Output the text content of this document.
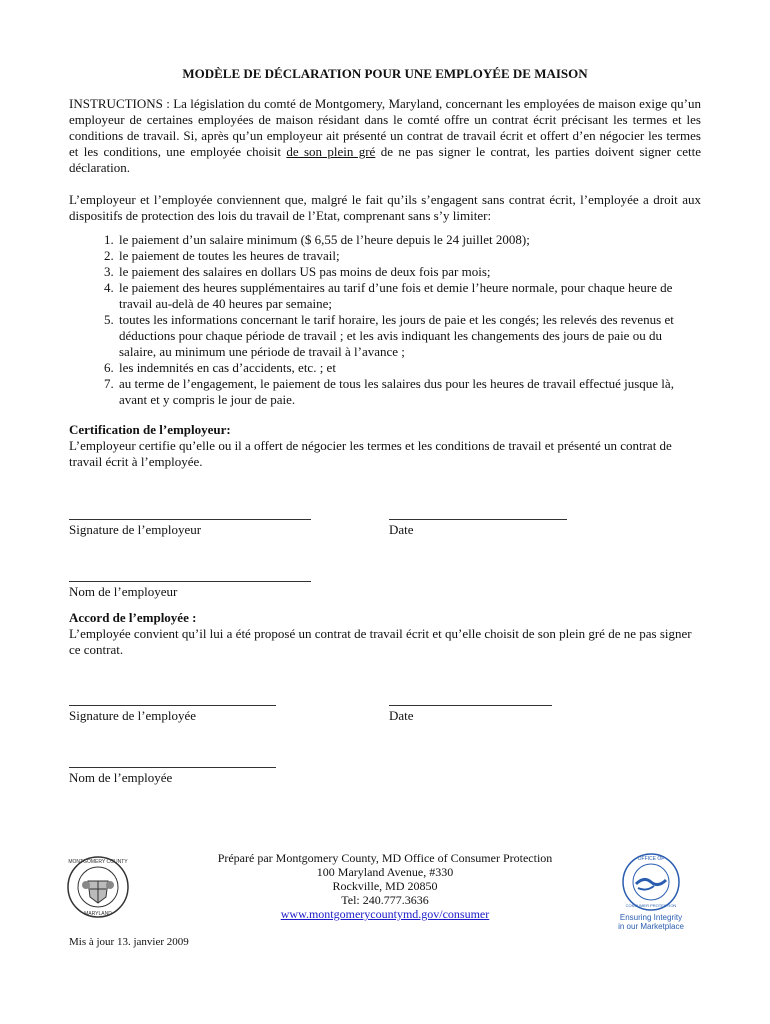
MODÈLE DE DÉCLARATION POUR UNE EMPLOYÉE DE MAISON

INSTRUCTIONS : La législation du comté de Montgomery, Maryland, concernant les employées de maison exige qu’un employeur de certaines employées de maison résidant dans le comté offre un contrat écrit précisant les termes et les conditions de travail. Si, après qu’un employeur ait présenté un contrat de travail écrit et offert d’en négocier les termes et les conditions, une employée choisit de son plein gré de ne pas signer le contrat, les parties doivent signer cette déclaration.

L’employeur et l’employée conviennent que, malgré le fait qu’ils s’engagent sans contrat écrit, l’employée a droit aux dispositifs de protection des lois du travail de l’Etat, comprenant sans s’y limiter:

1. le paiement d’un salaire minimum ($ 6,55 de l’heure depuis le 24 juillet 2008);
2. le paiement de toutes les heures de travail;
3. le paiement des salaires en dollars US pas moins de deux fois par mois;
4. le paiement des heures supplémentaires au tarif d’une fois et demie l’heure normale, pour chaque heure de travail au-delà de 40 heures par semaine;
5. toutes les informations concernant le tarif horaire, les jours de paie et les congés; les relevés des revenus et déductions pour chaque période de travail ; et les avis indiquant les changements des jours de paie ou du salaire, au minimum une période de travail à l’avance ;
6. les indemnités en cas d’accidents, etc. ; et
7. au terme de l’engagement, le paiement de tous les salaires dus pour les heures de travail effectué jusque là, avant et y compris le jour de paie.
Certification de l’employeur:

L’employeur certifie qu’elle ou il a offert de négocier les termes et les conditions de travail et présenté un contrat de travail écrit à l’employée.

Signature de l’employeur	Date
Nom de l’employeur
Accord de l’employée :

L’employée convient qu’il lui a été proposé un contrat de travail écrit et qu’elle choisit de son plein gré de ne pas signer ce contrat.

Signature de l’employée	Date
Nom de l’employée
MONTGOMERY COUNTY
MARYLAND
OFFICE OF
CONSUMER PROTECTION
Ensuring Integrity
in our Marketplace
Préparé par Montgomery County, MD Office of Consumer Protection
100 Maryland Avenue, #330
Rockville, MD 20850
Tel: 240.777.3636
www.montgomerycountymd.gov/consumer
Mis à jour 13. janvier 2009
